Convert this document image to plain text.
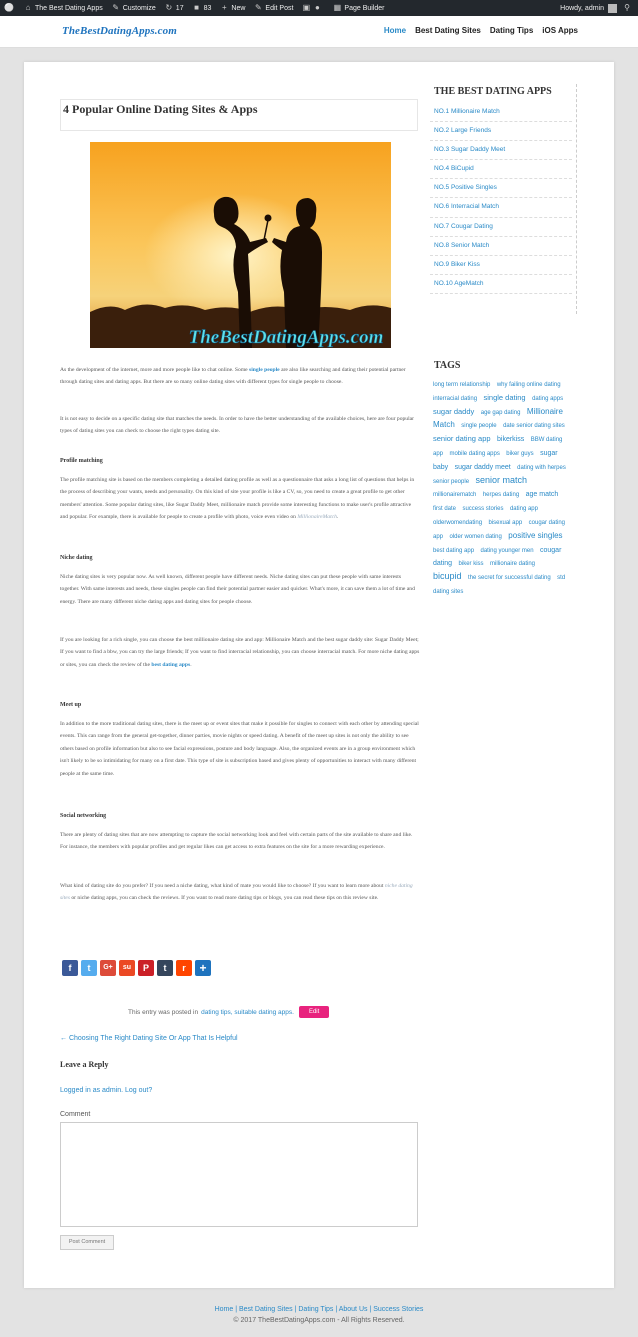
⚪ ⌂ The Best Dating Apps ✎ Customize ↻ 17 ■ 83 + New ✎ Edit Post ▣ ● ▦ Page Builder	Howdy, admin	⚲
TheBestDatingApps.com	Home Best Dating Sites Dating Tips iOS Apps
4 Popular Online Dating Sites & Apps
TheBestDatingApps.com

As the development of the internet, more and more people like to chat online. Some single people are also like searching and dating their potential partner through dating sites and dating apps. But there are so many online dating sites with different types for single people to choose.

It is not easy to decide on a specific dating site that matches the needs. In order to have the better understanding of the available choices, here are four popular types of dating sites you can check to choose the right types dating site.

Profile matching

The profile matching site is based on the members completing a detailed dating profile as well as a questionnaire that asks a long list of questions that helps in the process of describing your wants, needs and personality. On this kind of site your profile is like a CV, so, you need to create a great profile to get other members' attention. Some popular dating sites, like Sugar Daddy Meet, millionaire match provide some interesting functions to make user's profile attractive and popular. For example, there is available for people to create a profile with photo, voice even video on MillionaireMatch.

Niche dating

Niche dating sites is very popular now. As well known, different people have different needs. Niche dating sites can put these people with same interests together. With same interests and needs, these singles people can find their potential partner easier and quicker. What's more, it can save them a lot of time and energy. There are many different niche dating apps and dating sites for people choose.

If you are looking for a rich single, you can choose the best millionaire dating site and app: Millionaire Match and the best sugar daddy site: Sugar Daddy Meet; If you want to find a bbw, you can try the large friends; If you want to find interracial relationship, you can choose interracial match. For more niche dating apps or sites, you can check the review of the best dating apps.

Meet up

In addition to the more traditional dating sites, there is the meet up or event sites that make it possible for singles to connect with each other by attending special events. This can range from the general get-together, dinner parties, movie nights or speed dating. A benefit of the meet up sites is not only the ability to see others based on profile information but also to see facial expressions, posture and body language. Also, the organized events are in a group environment which isn't likely to be so intimidating for many on a first date. This type of site is subscription based and gives plenty of opportunities to interact with many different people at the same time.

Social networking

There are plenty of dating sites that are now attempting to capture the social networking look and feel with certain parts of the site available to share and like. For instance, the members with popular profiles and get regular likes can get access to extra features on the site for a more rewarding experience.

What kind of dating site do you prefer? If you need a niche dating, what kind of mate you would like to choose? If you want to learn more about niche dating sites or niche dating apps, you can check the reviews. If you want to read more dating tips or blogs, you can read these tips on this review site.

f	t	G+	su	P	t	r	+
This entry was posted in dating tips, suitable dating apps.	Edit
← Choosing The Right Dating Site Or App That Is Helpful
Leave a Reply
Logged in as admin. Log out?
Comment
Post Comment
THE BEST DATING APPS
NO.1 Millionaire Match
NO.2 Large Friends
NO.3 Sugar Daddy Meet
NO.4 BiCupid
NO.5 Positive Singles
NO.6 Interracial Match
NO.7 Cougar Dating
NO.8 Senior Match
NO.9 Biker Kiss
NO.10 AgeMatch
TAGS
long term relationship why failing online dating interracial dating single dating dating apps sugar daddy age gap dating Millionaire Match single people date senior dating sites senior dating app bikerkiss BBW dating app mobile dating apps biker guys sugar baby sugar daddy meet dating with herpes senior people senior match millionairematch herpes dating age match first date success stories dating app olderwomendating bisexual app cougar dating app older women dating positive singles best dating app dating younger men cougar dating biker kiss millionaire dating bicupid the secret for successful dating std dating sites
Home | Best Dating Sites | Dating Tips | About Us | Success Stories
© 2017 TheBestDatingApps.com - All Rights Reserved.
